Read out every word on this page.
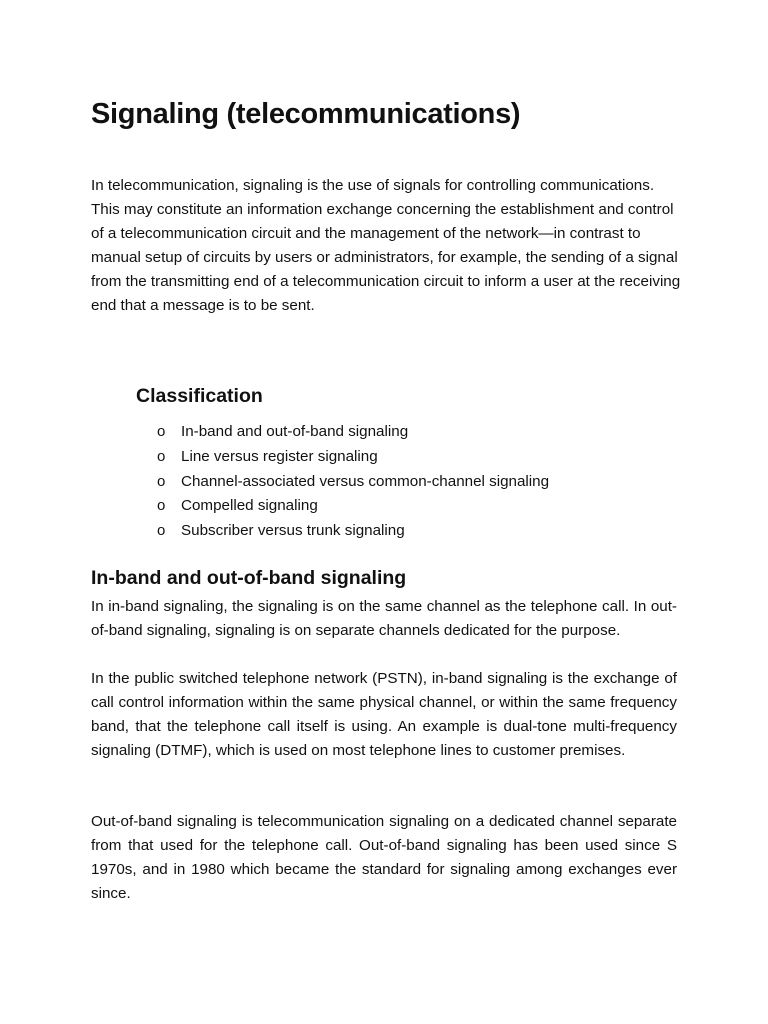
Signaling (telecommunications)

In telecommunication, signaling is the use of signals for controlling communications. This may constitute an information exchange concerning the establishment and control of a telecommunication circuit and the management of the network—in contrast to manual setup of circuits by users or administrators, for example, the sending of a signal from the transmitting end of a telecommunication circuit to inform a user at the receiving end that a message is to be sent.

Classification
o In-band and out-of-band signaling
o Line versus register signaling
o Channel-associated versus common-channel signaling
o Compelled signaling
o Subscriber versus trunk signaling
In-band and out-of-band signaling

In in-band signaling, the signaling is on the same channel as the telephone call. In out-of-band signaling, signaling is on separate channels dedicated for the purpose.

In the public switched telephone network (PSTN), in-band signaling is the exchange of call control information within the same physical channel, or within the same frequency band, that the telephone call itself is using. An example is dual-tone multi-frequency signaling (DTMF), which is used on most telephone lines to customer premises.

Out-of-band signaling is telecommunication signaling on a dedicated channel separate from that used for the telephone call. Out-of-band signaling has been used since S 1970s, and in 1980 which became the standard for signaling among exchanges ever since.
